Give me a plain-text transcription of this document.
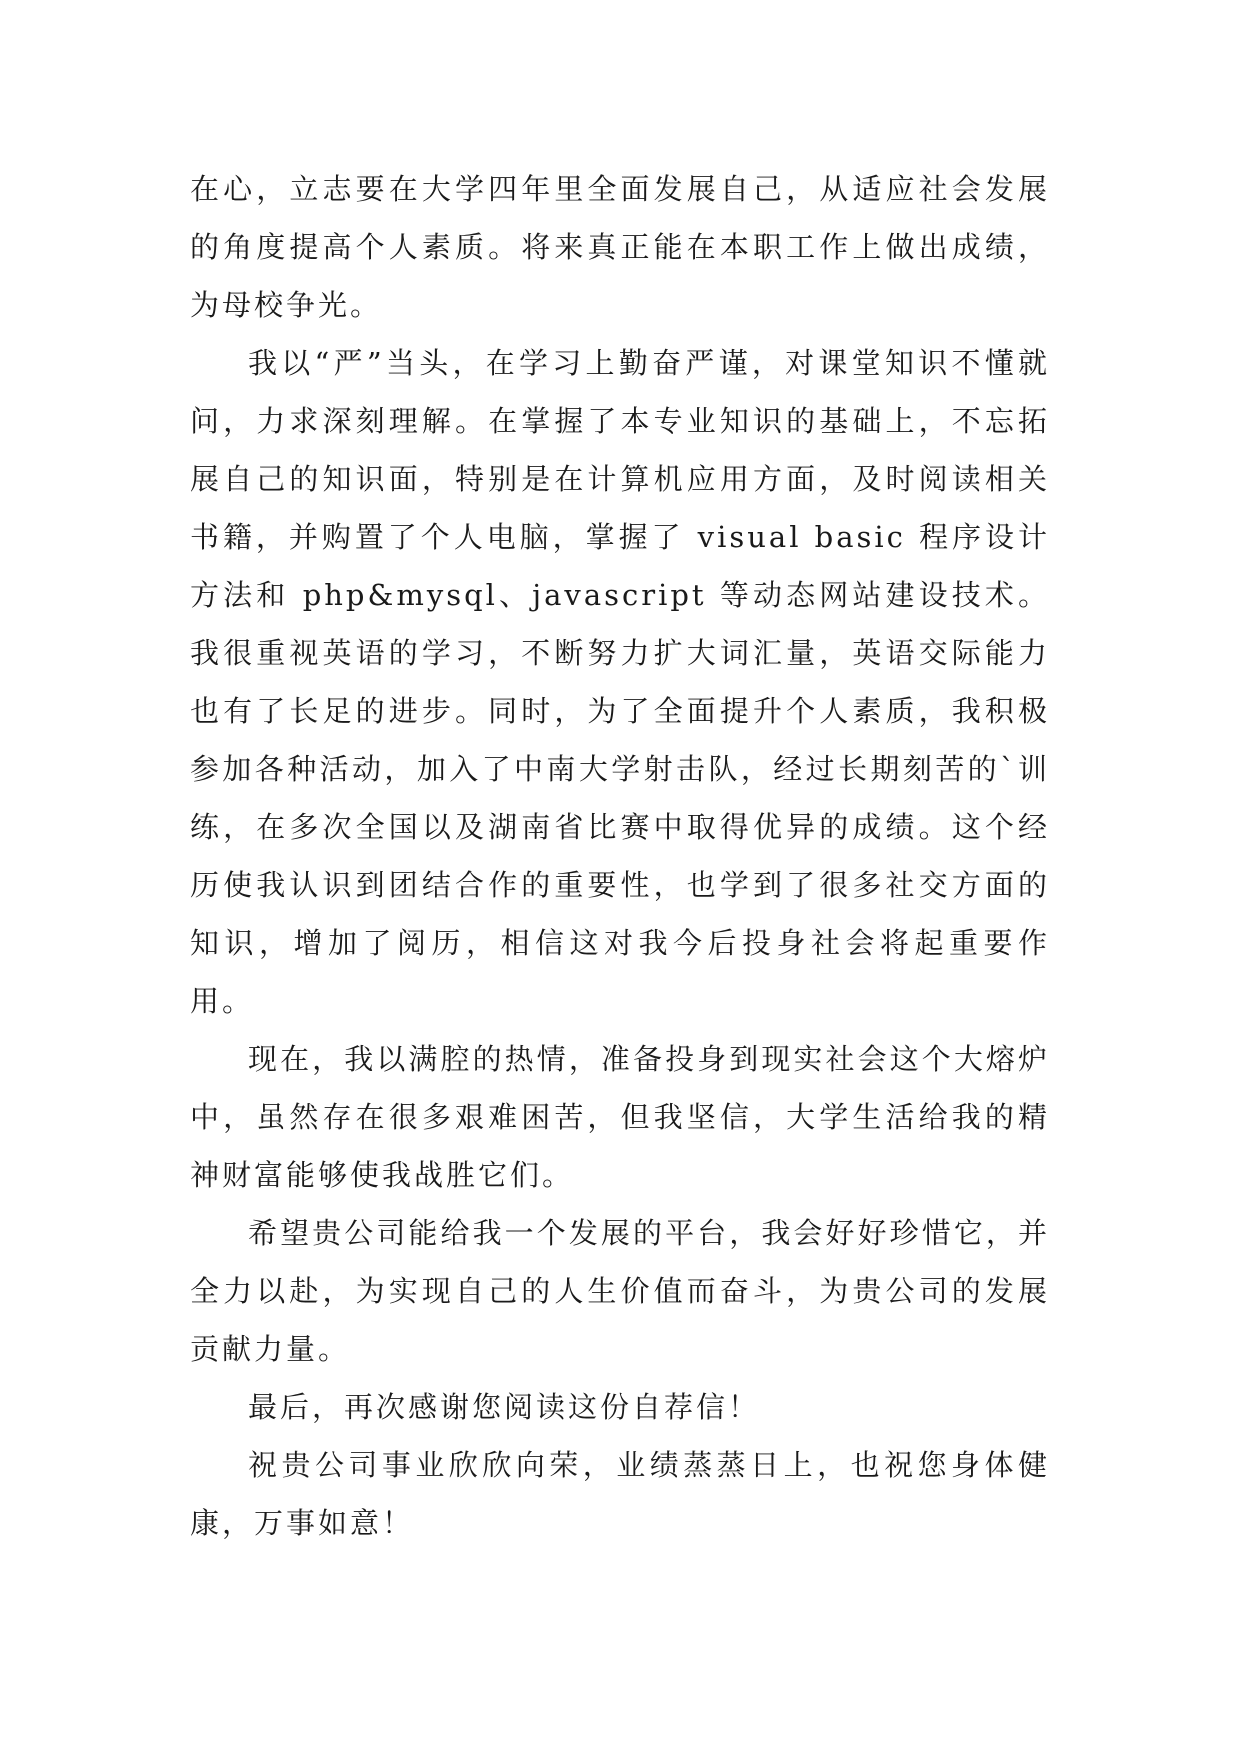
在心，立志要在大学四年里全面发展自己，从适应社会发展的角度提高个人素质。将来真正能在本职工作上做出成绩，为母校争光。

我以“严”当头，在学习上勤奋严谨，对课堂知识不懂就问，力求深刻理解。在掌握了本专业知识的基础上，不忘拓展自己的知识面，特别是在计算机应用方面，及时阅读相关书籍，并购置了个人电脑，掌握了 visual basic 程序设计方法和 php&mysql、javascript 等动态网站建设技术。我很重视英语的学习，不断努力扩大词汇量，英语交际能力也有了长足的进步。同时，为了全面提升个人素质，我积极参加各种活动，加入了中南大学射击队，经过长期刻苦的`训练，在多次全国以及湖南省比赛中取得优异的成绩。这个经历使我认识到团结合作的重要性，也学到了很多社交方面的知识，增加了阅历，相信这对我今后投身社会将起重要作用。

现在，我以满腔的热情，准备投身到现实社会这个大熔炉中，虽然存在很多艰难困苦，但我坚信，大学生活给我的精神财富能够使我战胜它们。

希望贵公司能给我一个发展的平台，我会好好珍惜它，并全力以赴，为实现自己的人生价值而奋斗，为贵公司的发展贡献力量。

最后，再次感谢您阅读这份自荐信！

祝贵公司事业欣欣向荣，业绩蒸蒸日上，也祝您身体健康，万事如意！
